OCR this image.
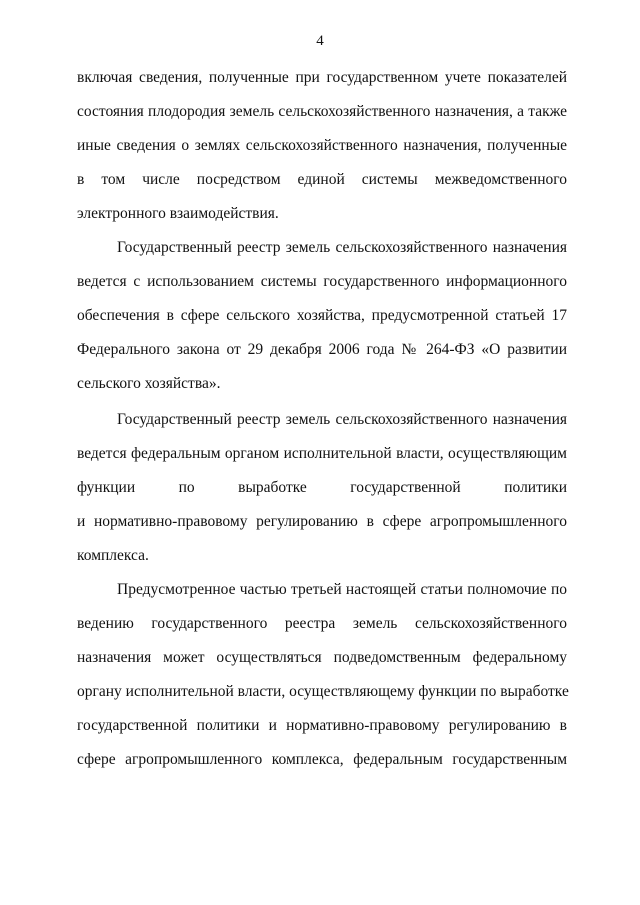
4
включая сведения, полученные при государственном учете показателей
состояния плодородия земель сельскохозяйственного назначения, а также
иные сведения о землях сельскохозяйственного назначения, полученные
в том числе посредством единой системы межведомственного
электронного взаимодействия.
Государственный реестр земель сельскохозяйственного назначения
ведется с использованием системы государственного информационного
обеспечения в сфере сельского хозяйства, предусмотренной статьей 17
Федерального закона от 29 декабря 2006 года № 264-ФЗ «О развитии
сельского хозяйства».
Государственный реестр земель сельскохозяйственного назначения
ведется федеральным органом исполнительной власти, осуществляющим
функции по выработке государственной политики
и нормативно-правовому регулированию в сфере агропромышленного
комплекса.
Предусмотренное частью третьей настоящей статьи полномочие по
ведению государственного реестра земель сельскохозяйственного
назначения может осуществляться подведомственным федеральному
органу исполнительной власти, осуществляющему функции по выработке
государственной политики и нормативно-правовому регулированию в
сфере агропромышленного комплекса, федеральным государственным
